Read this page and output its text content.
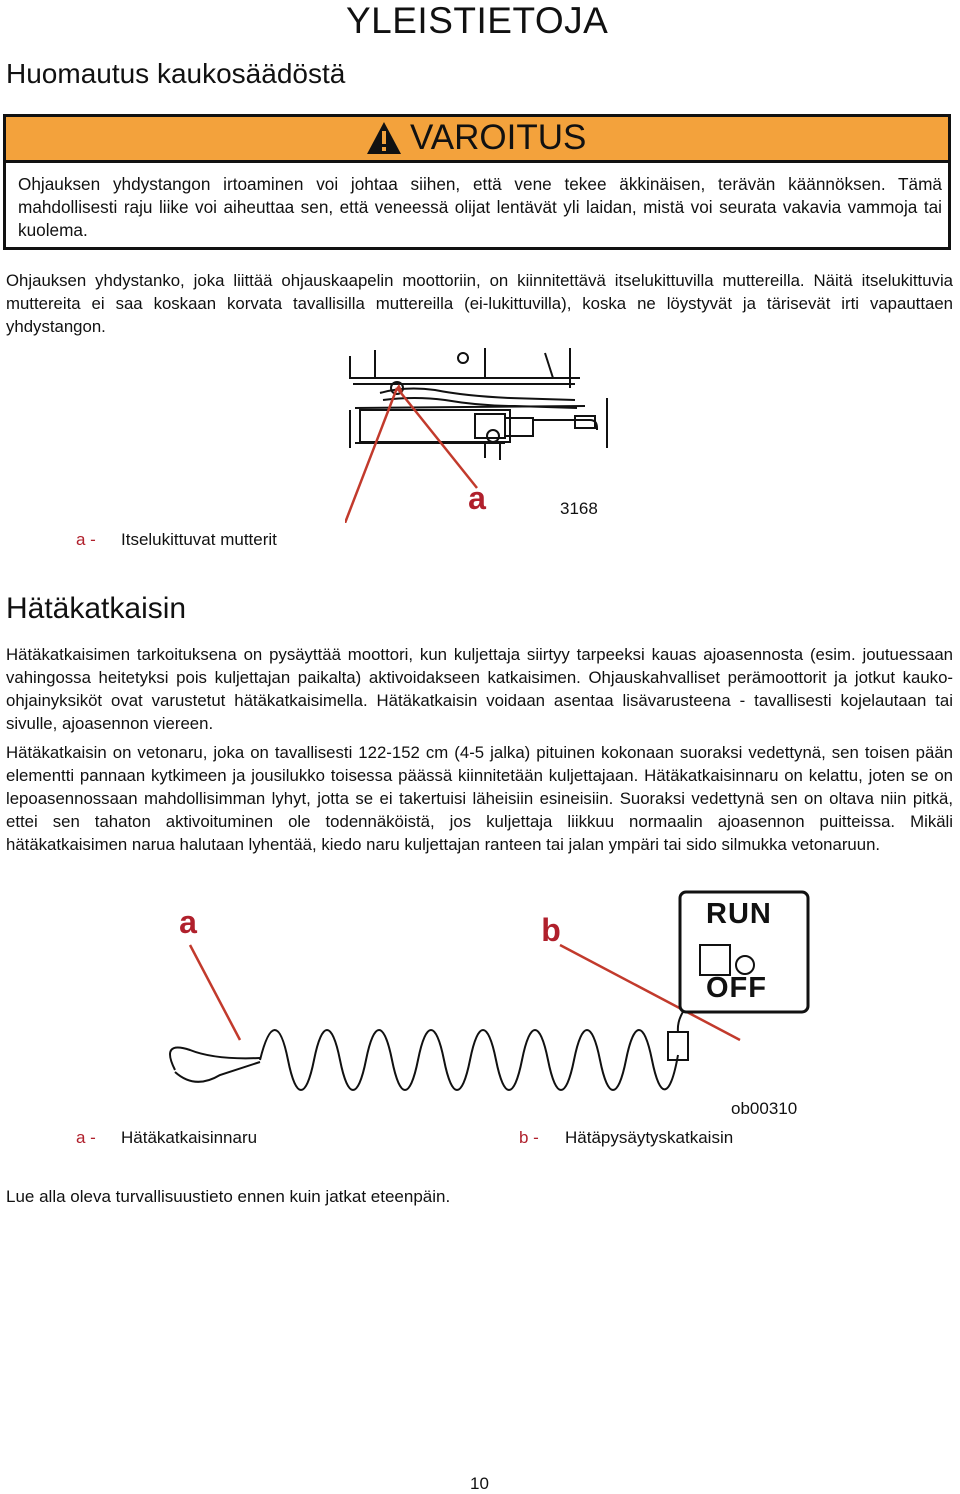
YLEISTIETOJA
Huomautus kaukosäädöstä
VAROITUS
Ohjauksen yhdystangon irtoaminen voi johtaa siihen, että vene tekee äkkinäisen, terävän käännöksen. Tämä mahdollisesti raju liike voi aiheuttaa sen, että veneessä olijat lentävät yli laidan, mistä voi seurata vakavia vammoja tai kuolema.
Ohjauksen yhdystanko, joka liittää ohjauskaapelin moottoriin, on kiinnitettävä itselukittuvilla muttereilla. Näitä itselukittuvia muttereita ei saa koskaan korvata tavallisilla muttereilla (ei-lukittuvilla), koska ne löystyvät ja tärisevät irti vapauttaen yhdystangon.
a	3168
a - Itselukittuvat mutterit
Hätäkatkaisin
Hätäkatkaisimen tarkoituksena on pysäyttää moottori, kun kuljettaja siirtyy tarpeeksi kauas ajoasennosta (esim. joutuessaan vahingossa heitetyksi pois kuljettajan paikalta) aktivoidakseen katkaisimen. Ohjauskahvalliset perämoottorit ja jotkut kauko-ohjainyksiköt ovat varustetut hätäkatkaisimella. Hätäkatkaisin voidaan asentaa lisävarusteena - tavallisesti kojelautaan tai sivulle, ajoasennon viereen.
Hätäkatkaisin on vetonaru, joka on tavallisesti 122-152 cm (4-5 jalka) pituinen kokonaan suoraksi vedettynä, sen toisen pään elementti pannaan kytkimeen ja jousilukko toisessa päässä kiinnitetään kuljettajaan. Hätäkatkaisinnaru on kelattu, joten se on lepoasennossaan mahdollisimman lyhyt, jotta se ei takertuisi läheisiin esineisiin. Suoraksi vedettynä sen on oltava niin pitkä, ettei sen tahaton aktivoituminen ole todennäköistä, jos kuljettaja liikkuu normaalin ajoasennon puitteissa. Mikäli hätäkatkaisimen narua halutaan lyhentää, kiedo naru kuljettajan ranteen tai jalan ympäri tai sido silmukka vetonaruun.
a	b	RUN
OFF
ob00310
a - Hätäkatkaisinnaru	b - Hätäpysäytyskatkaisin
Lue alla oleva turvallisuustieto ennen kuin jatkat eteenpäin.
10
